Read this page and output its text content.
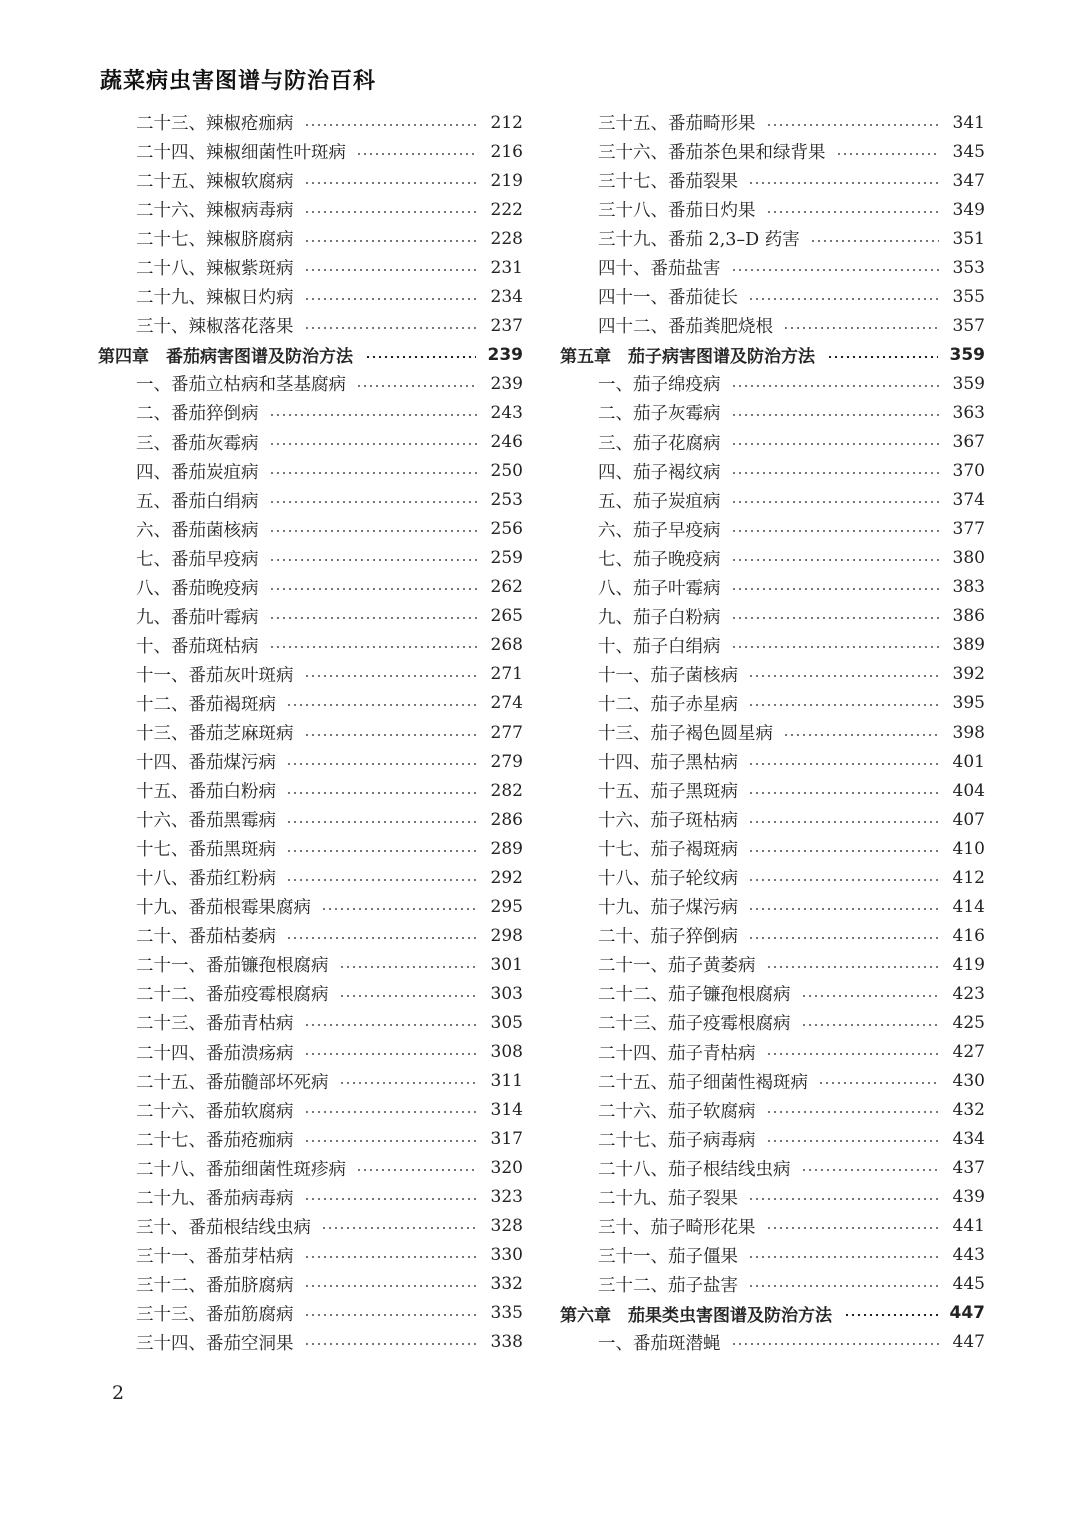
蔬菜病虫害图谱与防治百科
二十三、辣椒疮痂病	212
二十四、辣椒细菌性叶斑病	216
二十五、辣椒软腐病	219
二十六、辣椒病毒病	222
二十七、辣椒脐腐病	228
二十八、辣椒紫斑病	231
二十九、辣椒日灼病	234
三十、辣椒落花落果	237
第四章　番茄病害图谱及防治方法	239
一、番茄立枯病和茎基腐病	239
二、番茄猝倒病	243
三、番茄灰霉病	246
四、番茄炭疽病	250
五、番茄白绢病	253
六、番茄菌核病	256
七、番茄早疫病	259
八、番茄晚疫病	262
九、番茄叶霉病	265
十、番茄斑枯病	268
十一、番茄灰叶斑病	271
十二、番茄褐斑病	274
十三、番茄芝麻斑病	277
十四、番茄煤污病	279
十五、番茄白粉病	282
十六、番茄黑霉病	286
十七、番茄黑斑病	289
十八、番茄红粉病	292
十九、番茄根霉果腐病	295
二十、番茄枯萎病	298
二十一、番茄镰孢根腐病	301
二十二、番茄疫霉根腐病	303
二十三、番茄青枯病	305
二十四、番茄溃疡病	308
二十五、番茄髓部坏死病	311
二十六、番茄软腐病	314
二十七、番茄疮痂病	317
二十八、番茄细菌性斑疹病	320
二十九、番茄病毒病	323
三十、番茄根结线虫病	328
三十一、番茄芽枯病	330
三十二、番茄脐腐病	332
三十三、番茄筋腐病	335
三十四、番茄空洞果	338
三十五、番茄畸形果	341
三十六、番茄茶色果和绿背果	345
三十七、番茄裂果	347
三十八、番茄日灼果	349
三十九、番茄 2,3–D 药害	351
四十、番茄盐害	353
四十一、番茄徒长	355
四十二、番茄粪肥烧根	357
第五章　茄子病害图谱及防治方法	359
一、茄子绵疫病	359
二、茄子灰霉病	363
三、茄子花腐病	367
四、茄子褐纹病	370
五、茄子炭疽病	374
六、茄子早疫病	377
七、茄子晚疫病	380
八、茄子叶霉病	383
九、茄子白粉病	386
十、茄子白绢病	389
十一、茄子菌核病	392
十二、茄子赤星病	395
十三、茄子褐色圆星病	398
十四、茄子黑枯病	401
十五、茄子黑斑病	404
十六、茄子斑枯病	407
十七、茄子褐斑病	410
十八、茄子轮纹病	412
十九、茄子煤污病	414
二十、茄子猝倒病	416
二十一、茄子黄萎病	419
二十二、茄子镰孢根腐病	423
二十三、茄子疫霉根腐病	425
二十四、茄子青枯病	427
二十五、茄子细菌性褐斑病	430
二十六、茄子软腐病	432
二十七、茄子病毒病	434
二十八、茄子根结线虫病	437
二十九、茄子裂果	439
三十、茄子畸形花果	441
三十一、茄子僵果	443
三十二、茄子盐害	445
第六章　茄果类虫害图谱及防治方法	447
一、番茄斑潜蝇	447
2
